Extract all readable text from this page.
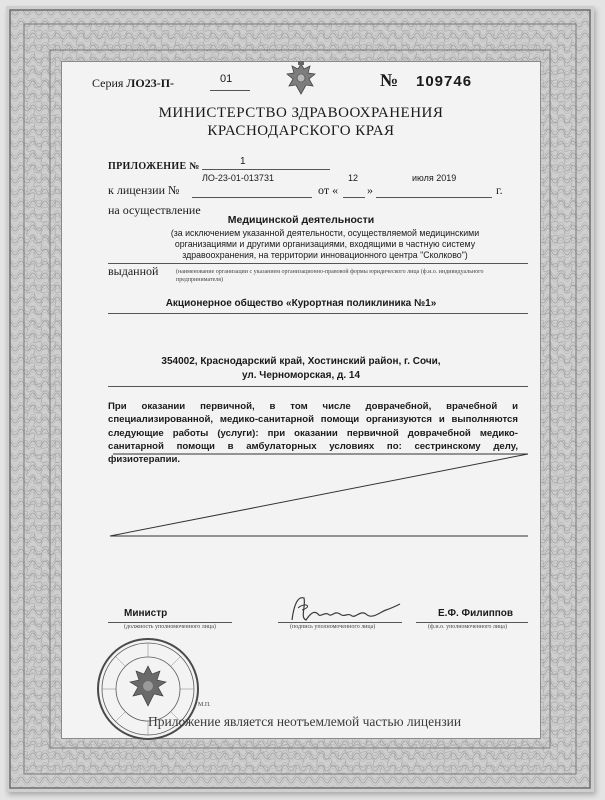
Серия ЛО23-П-	01	№ 109746
МИНИСТЕРСТВО ЗДРАВООХРАНЕНИЯ
КРАСНОДАРСКОГО КРАЯ
ПРИЛОЖЕНИЕ №	1
ЛО-23-01-013731	12	июля 2019
к лицензии №	от « »	г.
на осуществление
Медицинской деятельности
(за исключением указанной деятельности, осуществляемой медицинскими организациями и другими организациями, входящими в частную систему здравоохранения, на территории инновационного центра "Сколково")
выданной	(наименование организации с указанием организационно-правовой формы юридического лица (ф.и.о. индивидуального предпринимателя)
Акционерное общество «Курортная поликлиника №1»
354002, Краснодарский край, Хостинский район, г. Сочи,
ул. Черноморская, д. 14
При оказании первичной, в том числе доврачебной, врачебной и специализированной, медико-санитарной помощи организуются и выполняются следующие работы (услуги): при оказании первичной доврачебной медико-санитарной помощи в амбулаторных условиях по: сестринскому делу, физиотерапии.
Министр
(должность уполномоченного лица)	(подпись уполномоченного лица)
Е.Ф. Филиппов
(ф.и.о. уполномоченного лица)
М.П.
Приложение является неотъемлемой частью лицензии
